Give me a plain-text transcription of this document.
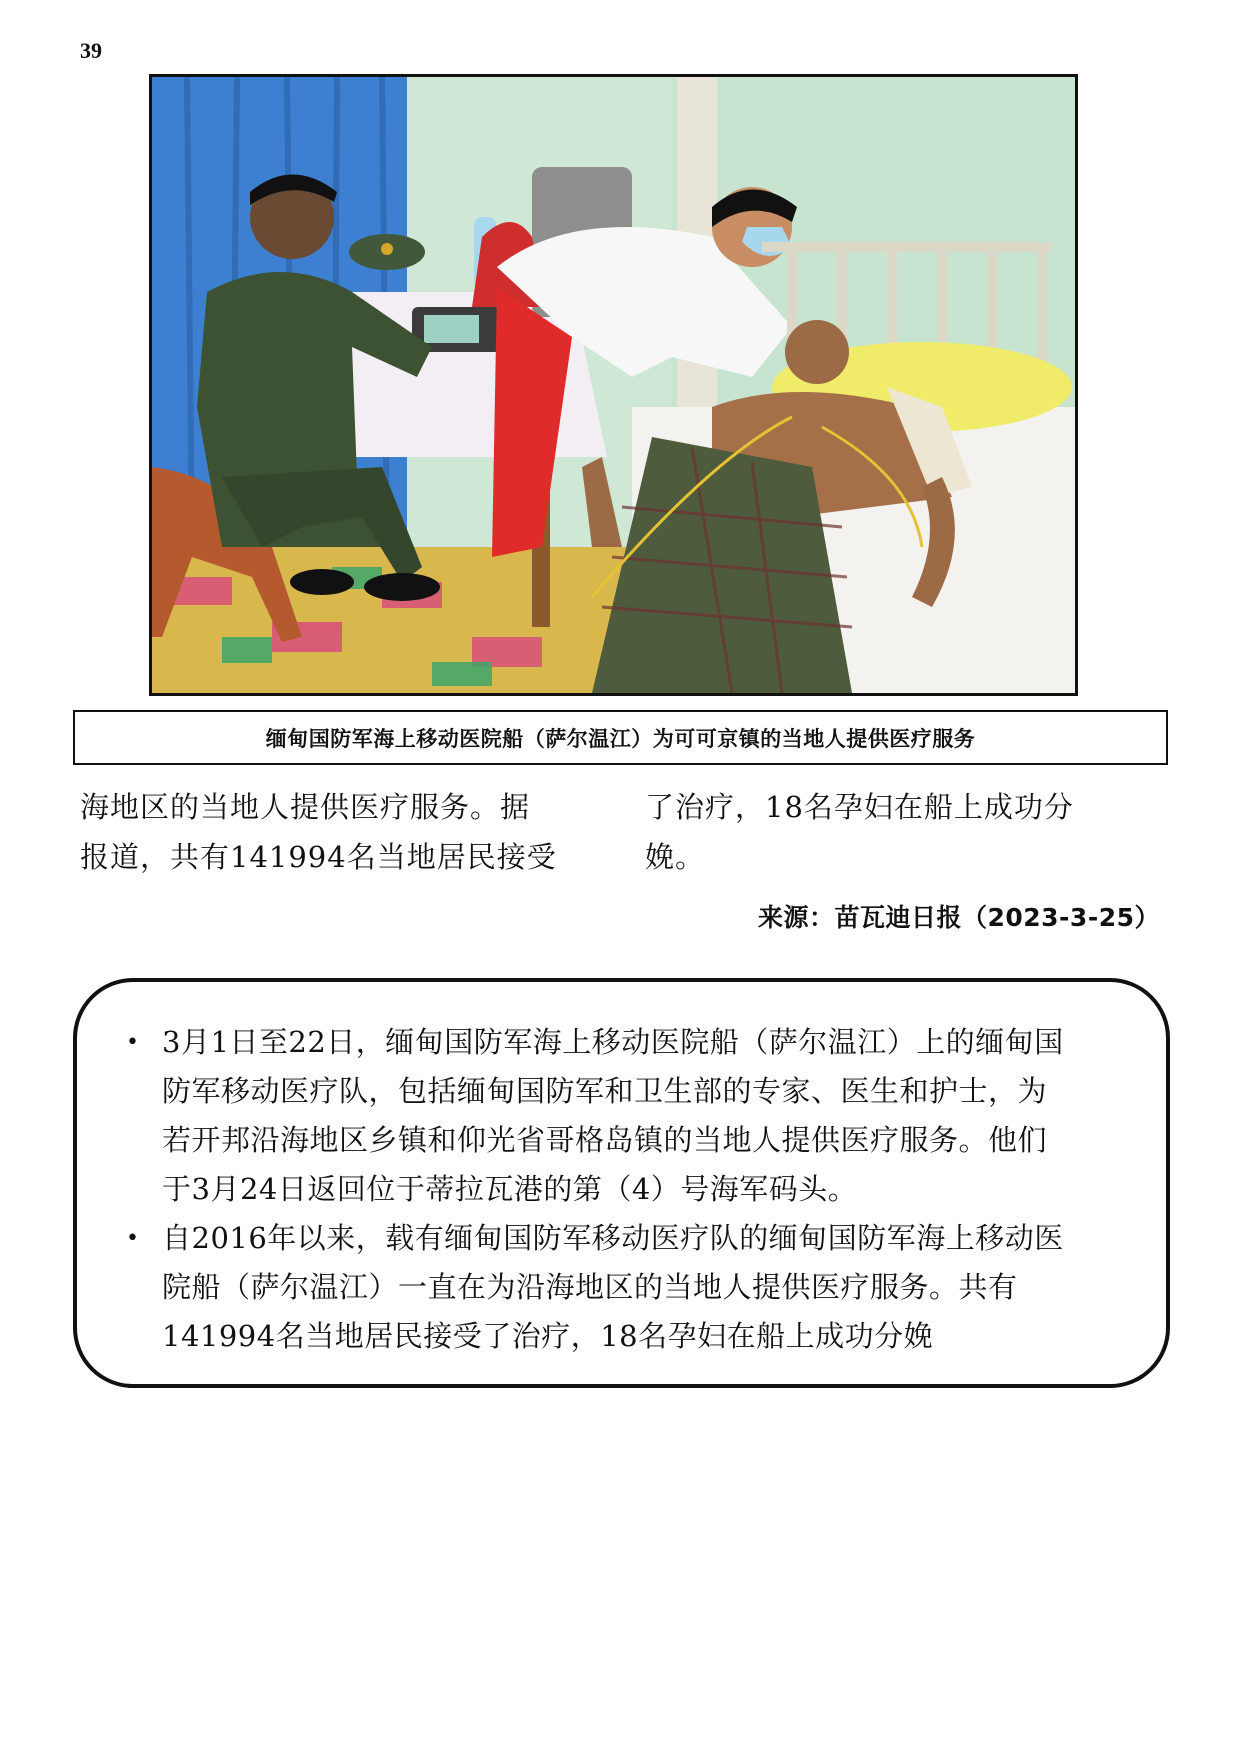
39
缅甸国防军海上移动医院船（萨尔温江）为可可京镇的当地人提供医疗服务

海地区的当地人提供医疗服务。据

报道，共有141994名当地居民接受

了治疗，18名孕妇在船上成功分

娩。

来源：苗瓦迪日报（2023-3-25）
• 3月1日至22日，缅甸国防军海上移动医院船（萨尔温江）上的缅甸国
防军移动医疗队，包括缅甸国防军和卫生部的专家、医生和护士，为
若开邦沿海地区乡镇和仰光省哥格岛镇的当地人提供医疗服务。他们
于3月24日返回位于蒂拉瓦港的第（4）号海军码头。
• 自2016年以来，载有缅甸国防军移动医疗队的缅甸国防军海上移动医
院船（萨尔温江）一直在为沿海地区的当地人提供医疗服务。共有
141994名当地居民接受了治疗，18名孕妇在船上成功分娩
